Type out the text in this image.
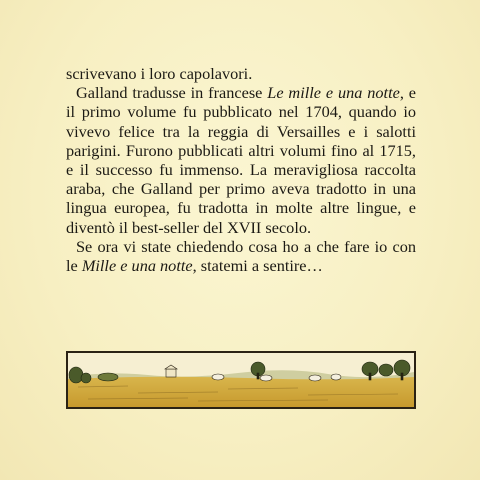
scrivevano i loro capolavori.

Galland tradusse in francese Le mille e una notte, e il primo volume fu pubblicato nel 1704, quando io vivevo felice tra la reggia di Versailles e i salotti parigini. Furono pubblicati altri volumi fino al 1715, e il successo fu immenso. La meravigliosa raccolta araba, che Galland per primo aveva tradotto in una lingua europea, fu tradotta in molte altre lingue, e diventò il best-seller del XVII secolo.

Se ora vi state chiedendo cosa ho a che fare io con le Mille e una notte, statemi a sentire…
